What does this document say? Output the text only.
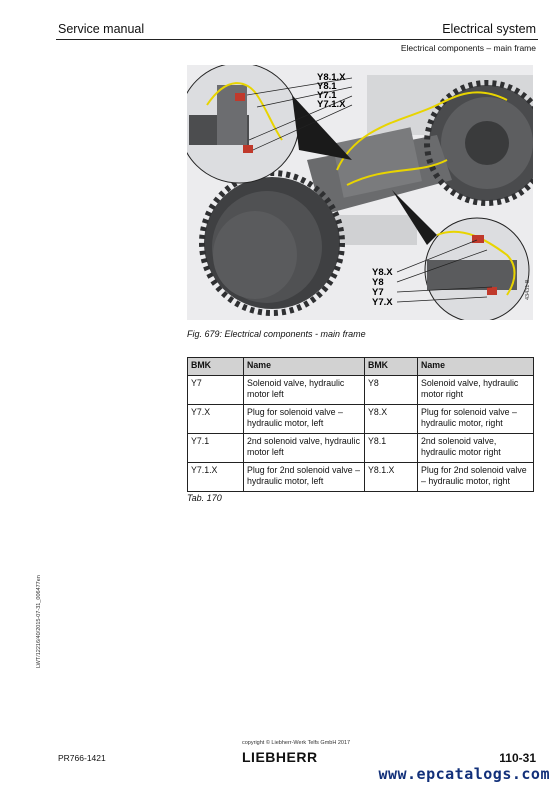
Service manual	Electrical system
Electrical components – main frame
Y8.1.X
Y8.1
Y7.1
Y7.1.X
Y8.X
Y8
Y7
Y7.X
43431 B
Fig. 679: Electrical components - main frame
BMK	Name	BMK	Name
Y7	Solenoid valve, hydraulic motor left	Y8	Solenoid valve, hydraulic motor right
Y7.X	Plug for solenoid valve – hydraulic motor, left	Y8.X	Plug for solenoid valve – hydraulic motor, right
Y7.1	2nd solenoid valve, hydraulic motor left	Y8.1	2nd solenoid valve, hydraulic motor right
Y7.1.X	Plug for 2nd solenoid valve – hydraulic motor, left	Y8.1.X	Plug for 2nd solenoid valve – hydraulic motor, right
Tab. 170
LWT/12216/40/2015-07-31_006477en
PR766-1421
copyright © Liebherr-Werk Telfs GmbH 2017
LIEBHERR	110-31
www.epcatalogs.com
